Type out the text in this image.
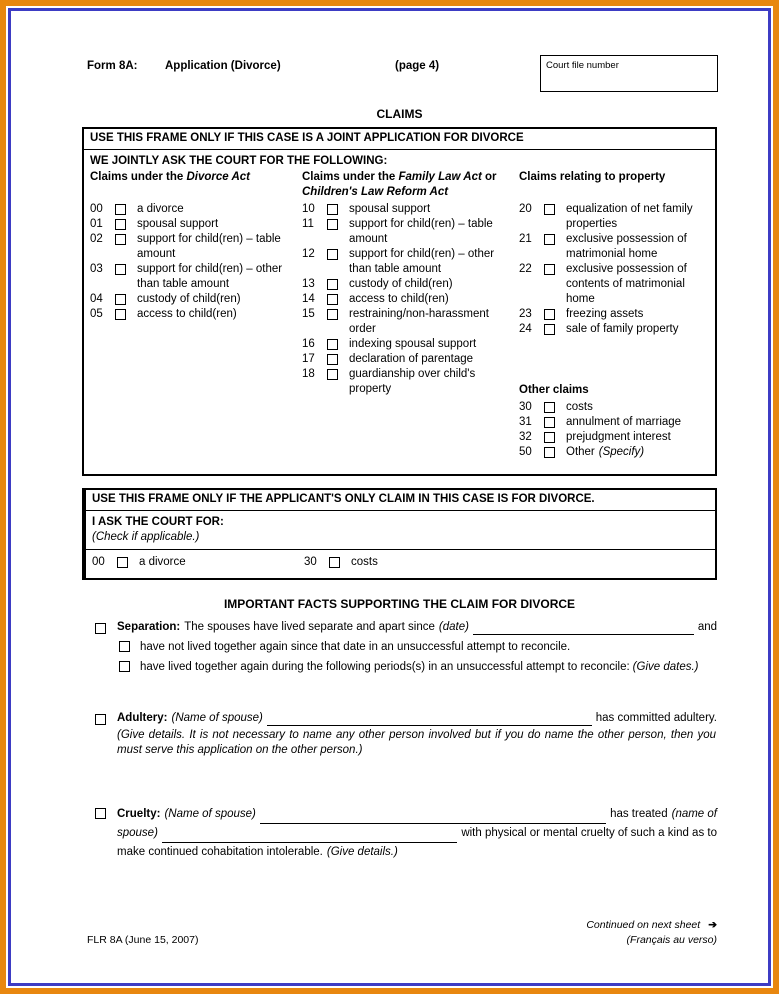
Form 8A: Application (Divorce)	(page 4)	Court file number
CLAIMS
USE THIS FRAME ONLY IF THIS CASE IS A JOINT APPLICATION FOR DIVORCE
WE JOINTLY ASK THE COURT FOR THE FOLLOWING:
Claims under the Divorce Act
00	a divorce
01	spousal support
02	support for child(ren) – table amount
03	support for child(ren) – other than table amount
04	custody of child(ren)
05	access to child(ren)
Claims under the Family Law Act or Children's Law Reform Act
10	spousal support
11	support for child(ren) – table amount
12	support for child(ren) – other than table amount
13	custody of child(ren)
14	access to child(ren)
15	restraining/non-harassment order
16	indexing spousal support
17	declaration of parentage
18	guardianship over child's property
Claims relating to property
20	equalization of net family properties
21	exclusive possession of matrimonial home
22	exclusive possession of contents of matrimonial home
23	freezing assets
24	sale of family property
Other claims
30	costs
31	annulment of marriage
32	prejudgment interest
50	Other (Specify)
USE THIS FRAME ONLY IF THE APPLICANT'S ONLY CLAIM IN THIS CASE IS FOR DIVORCE.
I ASK THE COURT FOR:
(Check if applicable.)
00	a divorce	30	costs
IMPORTANT FACTS SUPPORTING THE CLAIM FOR DIVORCE
Separation: The spouses have lived separate and apart since (date)	and
have not lived together again since that date in an unsuccessful attempt to reconcile.
have lived together again during the following periods(s) in an unsuccessful attempt to reconcile: (Give dates.)
Adultery: (Name of spouse)	has committed adultery.
(Give details. It is not necessary to name any other person involved but if you do name the other person, then you must serve this application on the other person.)
Cruelty: (Name of spouse)	has treated (name of
spouse)	with physical or mental cruelty of such a kind as to
make continued cohabitation intolerable. (Give details.)
FLR 8A (June 15, 2007)
Continued on next sheet ➔
(Français au verso)
